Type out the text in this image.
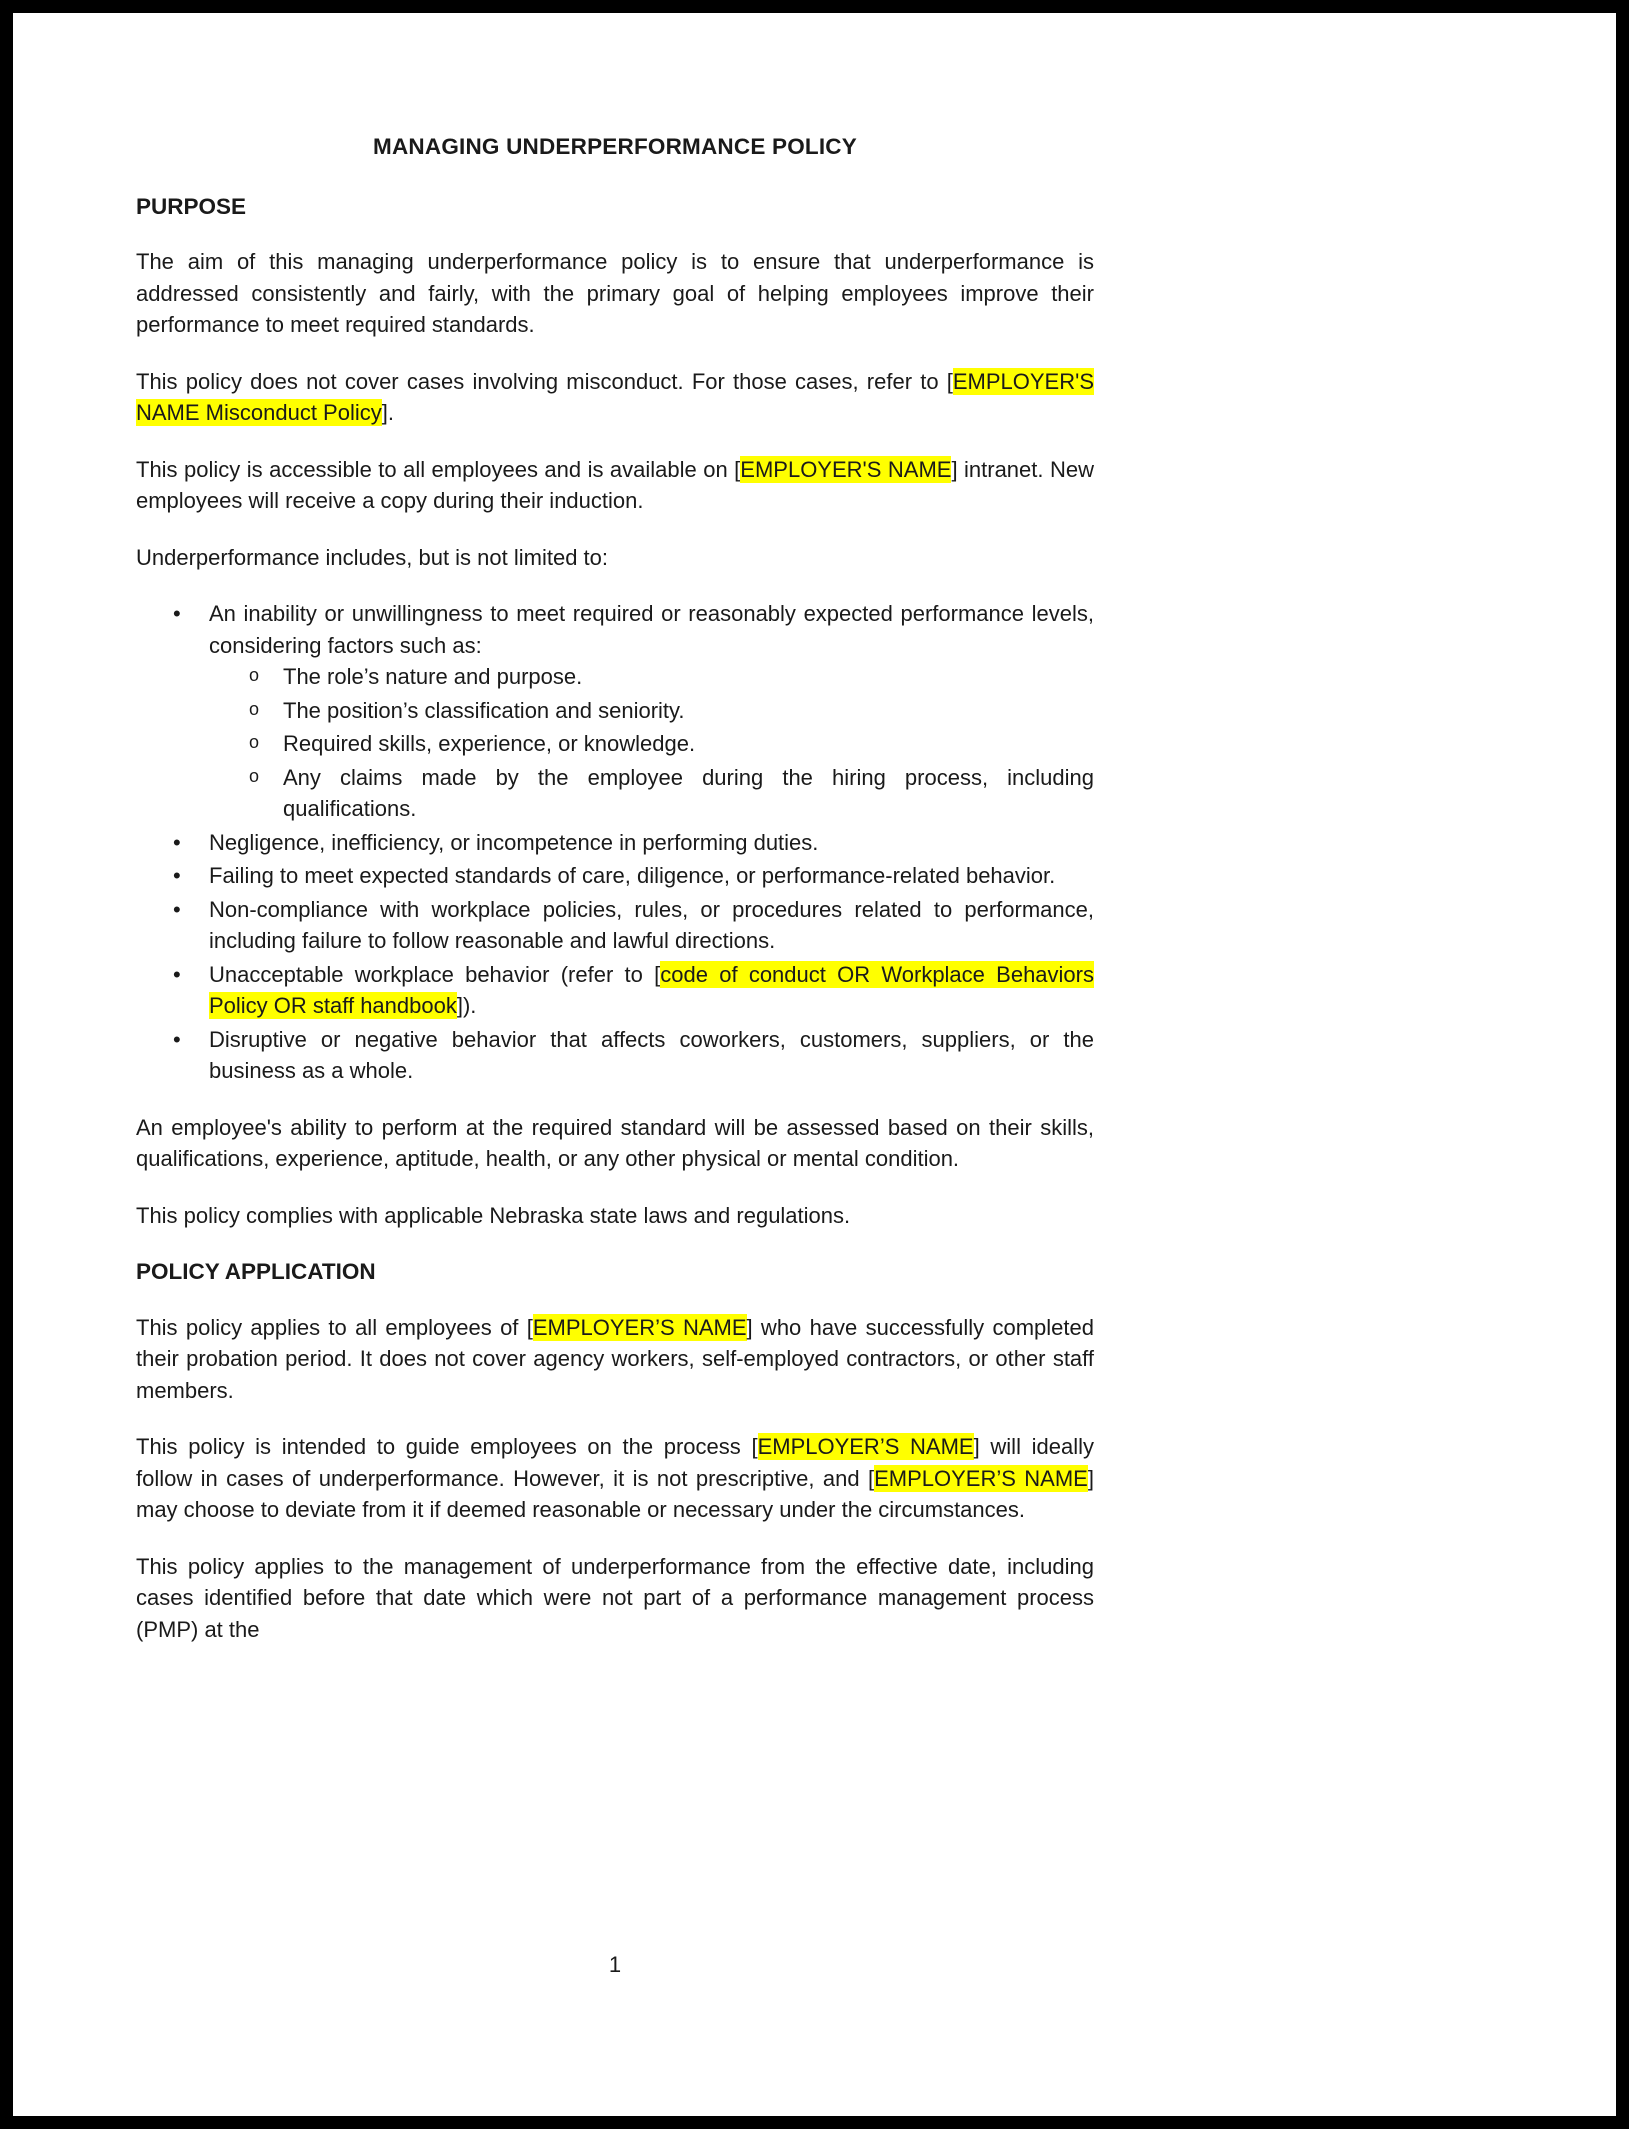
MANAGING UNDERPERFORMANCE POLICY
PURPOSE

The aim of this managing underperformance policy is to ensure that underperformance is addressed consistently and fairly, with the primary goal of helping employees improve their performance to meet required standards.

This policy does not cover cases involving misconduct. For those cases, refer to [EMPLOYER'S NAME Misconduct Policy].

This policy is accessible to all employees and is available on [EMPLOYER'S NAME] intranet. New employees will receive a copy during their induction.

Underperformance includes, but is not limited to:

• An inability or unwillingness to meet required or reasonably expected performance levels, considering factors such as:
o The role’s nature and purpose.
o The position’s classification and seniority.
o Required skills, experience, or knowledge.
o Any claims made by the employee during the hiring process, including qualifications.
• Negligence, inefficiency, or incompetence in performing duties.
• Failing to meet expected standards of care, diligence, or performance-related behavior.
• Non-compliance with workplace policies, rules, or procedures related to performance, including failure to follow reasonable and lawful directions.
• Unacceptable workplace behavior (refer to [code of conduct OR Workplace Behaviors Policy OR staff handbook]).
• Disruptive or negative behavior that affects coworkers, customers, suppliers, or the business as a whole.

An employee's ability to perform at the required standard will be assessed based on their skills, qualifications, experience, aptitude, health, or any other physical or mental condition.

This policy complies with applicable Nebraska state laws and regulations.

POLICY APPLICATION

This policy applies to all employees of [EMPLOYER’S NAME] who have successfully completed their probation period. It does not cover agency workers, self-employed contractors, or other staff members.

This policy is intended to guide employees on the process [EMPLOYER’S NAME] will ideally follow in cases of underperformance. However, it is not prescriptive, and [EMPLOYER’S NAME] may choose to deviate from it if deemed reasonable or necessary under the circumstances.

This policy applies to the management of underperformance from the effective date, including cases identified before that date which were not part of a performance management process (PMP) at the

1
